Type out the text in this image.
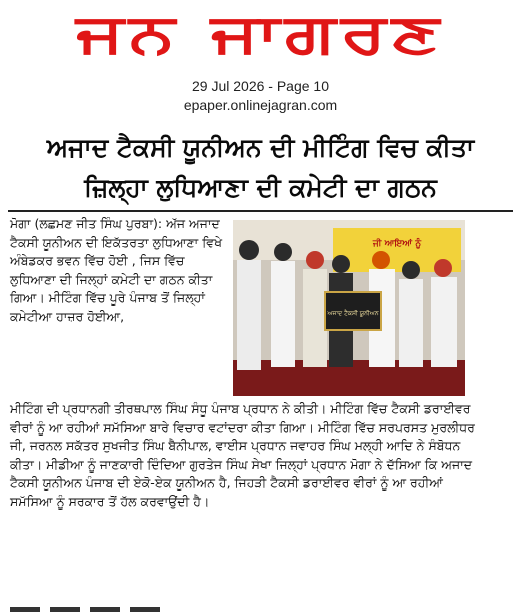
ਜਨ ਜਾਗਰਣ
29 Jul 2026 - Page 10
epaper.onlinejagran.com
ਅਜਾਦ ਟੈਕਸੀ ਯੂਨੀਅਨ ਦੀ ਮੀਟਿੰਗ ਵਿਚ ਕੀਤਾ
ਜ਼ਿਲ੍ਹਾ ਲੁਧਿਆਣਾ ਦੀ ਕਮੇਟੀ ਦਾ ਗਠਨ

ਮੋਗਾ (ਲਛਮਣ ਜੀਤ ਸਿੰਘ ਪੁਰਬਾ): ਅੱਜ ਅਜਾਦ ਟੈਕਸੀ ਯੂਨੀਅਨ ਦੀ ਇਕੱਤਰਤਾ ਲੁਧਿਆਣਾ ਵਿਖੇ ਅੰਬੇਡਕਰ ਭਵਨ ਵਿੱਚ ਹੋਈ , ਜਿਸ ਵਿੱਚ ਲੁਧਿਆਣਾ ਦੀ ਜਿਲ੍ਹਾਂ ਕਮੇਟੀ ਦਾ ਗਠਨ ਕੀਤਾ ਗਿਆ। ਮੀਟਿੰਗ ਵਿੱਚ ਪੂਰੇ ਪੰਜਾਬ ਤੋਂ ਜਿਲ੍ਹਾਂ ਕਮੇਟੀਆ ਹਾਜ਼ਰ ਹੋਈਆ,

ਜੀ ਆਇਆਂ ਨੂੰ
ਅਜਾਦ ਟੈਕਸੀ ਯੂਨੀਅਨ

ਮੀਟਿੰਗ ਦੀ ਪ੍ਰਧਾਨਗੀ ਤੀਰਥਪਾਲ ਸਿੰਘ ਸੰਧੂ ਪੰਜਾਬ ਪ੍ਰਧਾਨ ਨੇ ਕੀਤੀ। ਮੀਟਿੰਗ ਵਿੱਚ ਟੈਕਸੀ ਡਰਾਈਵਰ ਵੀਰਾਂ ਨੂੰ ਆ ਰਹੀਆਂ ਸਮੱਸਿਆ ਬਾਰੇ ਵਿਚਾਰ ਵਟਾਂਦਰਾ ਕੀਤਾ ਗਿਆ। ਮੀਟਿੰਗ ਵਿੱਚ ਸਰਪਰਸਤ ਮੁਰਲੀਧਰ ਜੀ, ਜਰਨਲ ਸਕੱਤਰ ਸੁਖਜੀਤ ਸਿੰਘ ਬੈਨੀਪਾਲ, ਵਾਈਸ ਪ੍ਰਧਾਨ ਜਵਾਹਰ ਸਿੰਘ ਮਲ੍ਹੀ ਆਦਿ ਨੇ ਸੰਬੋਧਨ ਕੀਤਾ। ਮੀਡੀਆ ਨੂੰ ਜਾਣਕਾਰੀ ਦਿੰਦਿਆ ਗੁਰਤੇਜ ਸਿੰਘ ਸੇਖਾ ਜਿਲ੍ਹਾਂ ਪ੍ਰਧਾਨ ਮੋਗਾ ਨੇ ਦੱਸਿਆ ਕਿ ਅਜਾਦ ਟੈਕਸੀ ਯੂਨੀਅਨ ਪੰਜਾਬ ਦੀ ਏਕੋ-ਏਕ ਯੂਨੀਅਨ ਹੈ, ਜਿਹੜੀ ਟੈਕਸੀ ਡਰਾਈਵਰ ਵੀਰਾਂ ਨੂੰ ਆ ਰਹੀਆਂ ਸਮੱਸਿਆ ਨੂੰ ਸਰਕਾਰ ਤੋਂ ਹੱਲ ਕਰਵਾਉਂਦੀ ਹੈ।
